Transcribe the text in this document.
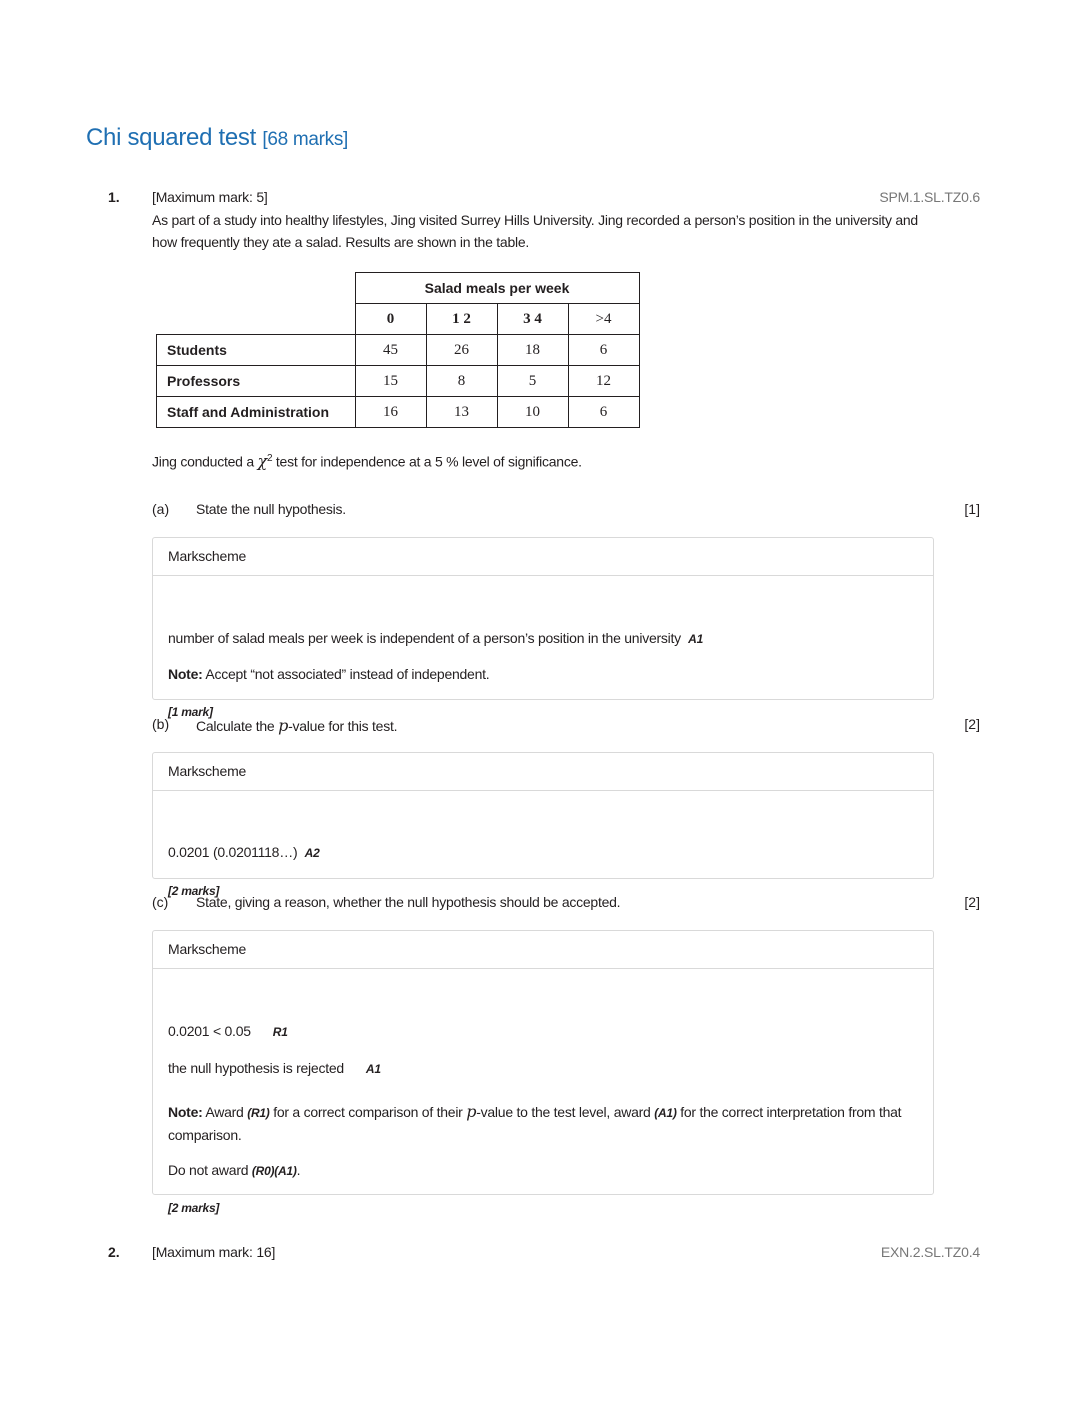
Chi squared test [68 marks]
1. [Maximum mark: 5]	SPM.1.SL.TZ0.6

As part of a study into healthy lifestyles, Jing visited Surrey Hills University. Jing recorded a person’s position in the university and

how frequently they ate a salad. Results are shown in the table.

	Salad meals per week			
	0	1 2	3 4	>4
Students	45	26	18	6
Professors	15	8	5	12
Staff and Administration	16	13	10	6
Jing conducted a $\chi^2$ test for independence at a 5 % level of significance.
(a) State the null hypothesis.	[1]
Markscheme

number of salad meals per week is independent of a person’s position in the university A1

Note: Accept “not associated” instead of independent.

[1 mark]

(b) Calculate the p-value for this test.	[2]
Markscheme

0.0201 (0.0201118…) A2

[2 marks]

(c) State, giving a reason, whether the null hypothesis should be accepted.	[2]
Markscheme

0.0201 < 0.05 R1

the null hypothesis is rejected A1

Note: Award (R1) for a correct comparison of their p-value to the test level, award (A1) for the correct interpretation from that
comparison.

Do not award (R0)(A1).

[2 marks]

2. [Maximum mark: 16]	EXN.2.SL.TZ0.4
